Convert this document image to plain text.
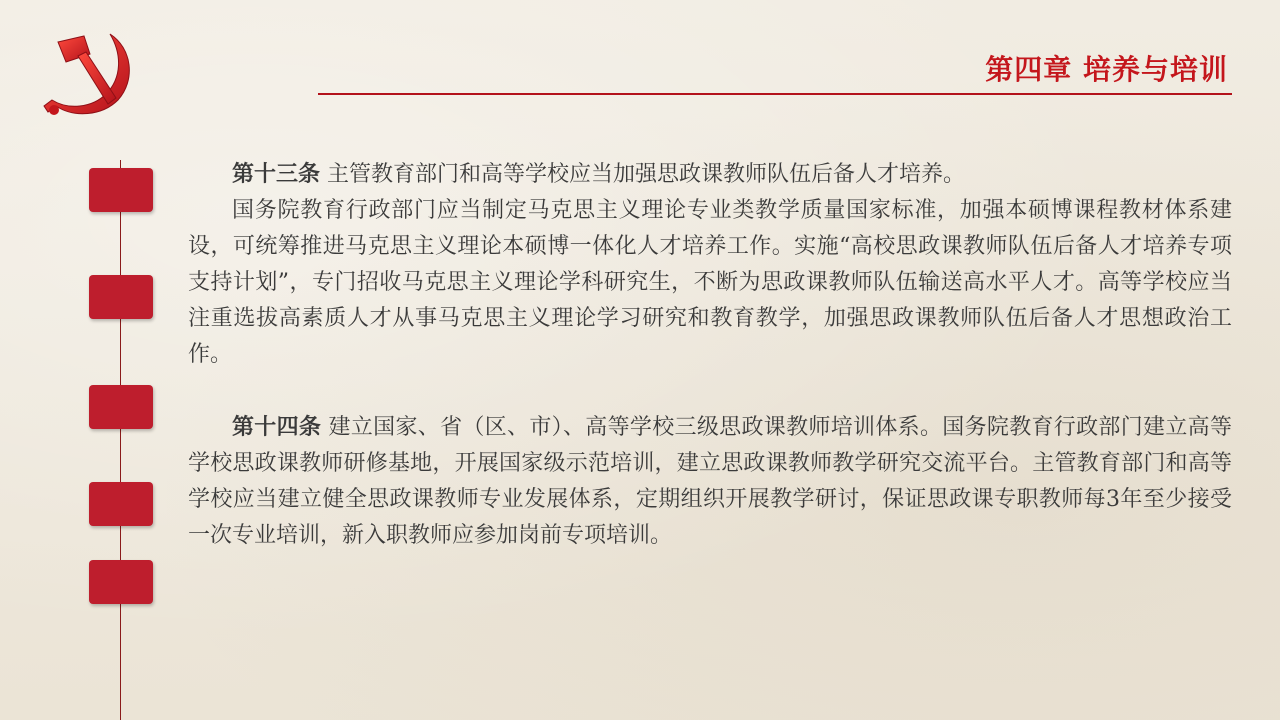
第四章 培养与培训

第十三条 主管教育部门和高等学校应当加强思政课教师队伍后备人才培养。

国务院教育行政部门应当制定马克思主义理论专业类教学质量国家标准，加强本硕博课程教材体系建设，可统筹推进马克思主义理论本硕博一体化人才培养工作。实施“高校思政课教师队伍后备人才培养专项支持计划”，专门招收马克思主义理论学科研究生，不断为思政课教师队伍输送高水平人才。高等学校应当注重选拔高素质人才从事马克思主义理论学习研究和教育教学，加强思政课教师队伍后备人才思想政治工作。

第十四条 建立国家、省（区、市）、高等学校三级思政课教师培训体系。国务院教育行政部门建立高等学校思政课教师研修基地，开展国家级示范培训，建立思政课教师教学研究交流平台。主管教育部门和高等学校应当建立健全思政课教师专业发展体系，定期组织开展教学研讨，保证思政课专职教师每3年至少接受一次专业培训，新入职教师应参加岗前专项培训。
